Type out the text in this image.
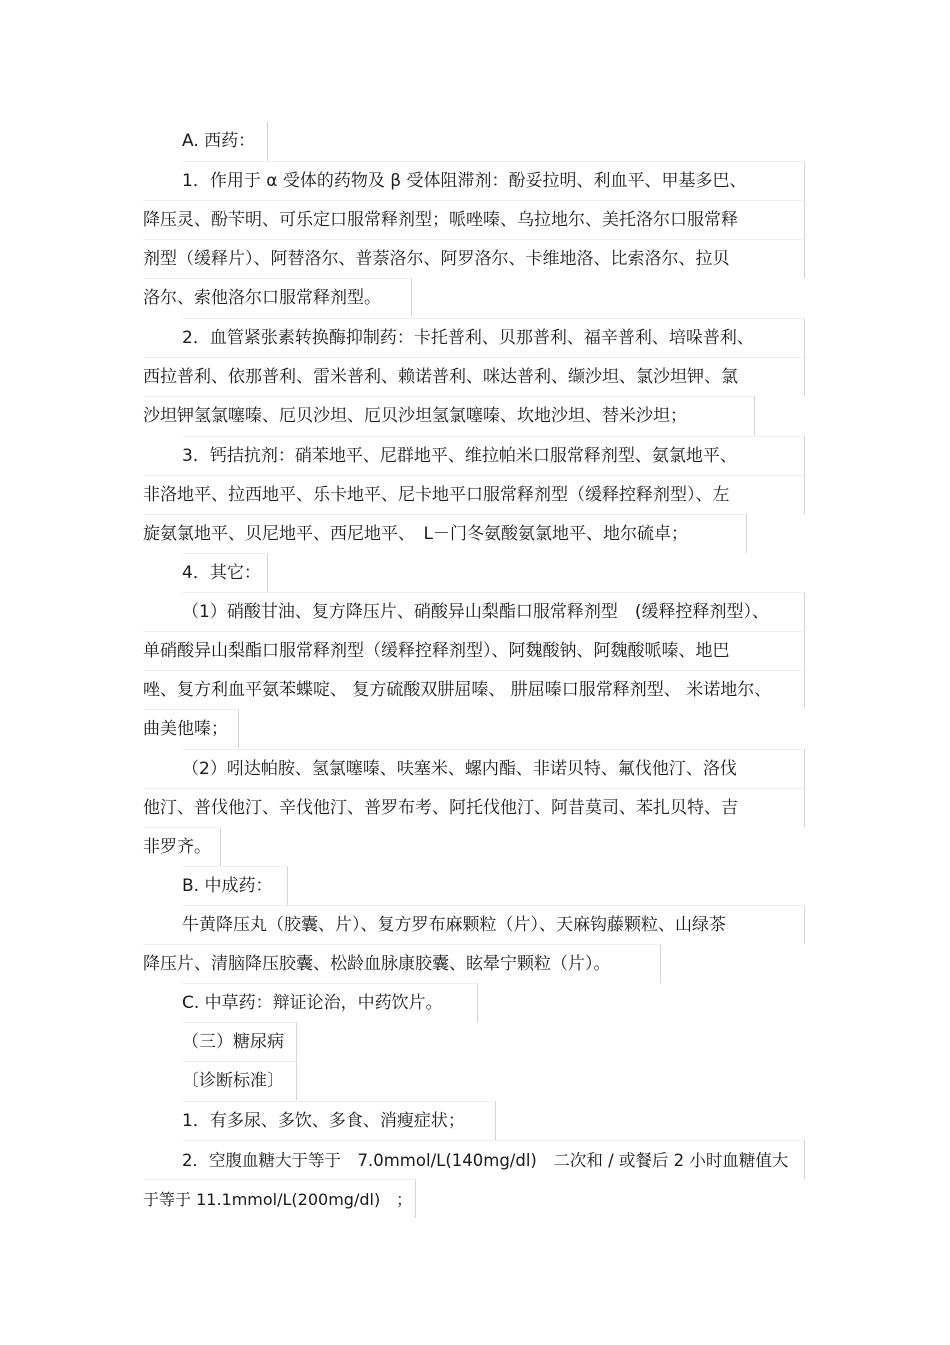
A. 西药：
1．作用于 α 受体的药物及 β 受体阻滞剂：酚妥拉明、利血平、甲基多巴、
降压灵、酚苄明、可乐定口服常释剂型；哌唑嗪、乌拉地尔、美托洛尔口服常释
剂型（缓释片）、阿替洛尔、普萘洛尔、阿罗洛尔、卡维地洛、比索洛尔、拉贝
洛尔、索他洛尔口服常释剂型。
2．血管紧张素转换酶抑制药：卡托普利、贝那普利、福辛普利、培哚普利、
西拉普利、依那普利、雷米普利、赖诺普利、咪达普利、缬沙坦、氯沙坦钾、氯
沙坦钾氢氯噻嗪、厄贝沙坦、厄贝沙坦氢氯噻嗪、坎地沙坦、替米沙坦；
3．钙拮抗剂：硝苯地平、尼群地平、维拉帕米口服常释剂型、氨氯地平、
非洛地平、拉西地平、乐卡地平、尼卡地平口服常释剂型（缓释控释剂型）、左
旋氨氯地平、贝尼地平、西尼地平、　L－门冬氨酸氨氯地平、地尔硫卓；
4．其它：
（1）硝酸甘油、复方降压片、硝酸异山梨酯口服常释剂型　(缓释控释剂型）、
单硝酸异山梨酯口服常释剂型（缓释控释剂型）、阿魏酸钠、阿魏酸哌嗪、地巴
唑、复方利血平氨苯蝶啶、 复方硫酸双肼屈嗪、 肼屈嗪口服常释剂型、 米诺地尔、
曲美他嗪；
（2）吲达帕胺、氢氯噻嗪、呋塞米、螺内酯、非诺贝特、氟伐他汀、洛伐
他汀、普伐他汀、辛伐他汀、普罗布考、阿托伐他汀、阿昔莫司、苯扎贝特、吉
非罗齐。
B. 中成药：
牛黄降压丸（胶囊、片）、复方罗布麻颗粒（片）、天麻钩藤颗粒、山绿茶
降压片、清脑降压胶囊、松龄血脉康胶囊、眩晕宁颗粒（片）。
C. 中草药：辩证论治，中药饮片。
（三）糖尿病
〔诊断标准〕
1．有多尿、多饮、多食、消瘦症状；
2．空腹血糖大于等于　7.0mmol/L(140mg/dl)　二次和 / 或餐后 2 小时血糖值大
于等于 11.1mmol/L(200mg/dl)　；
